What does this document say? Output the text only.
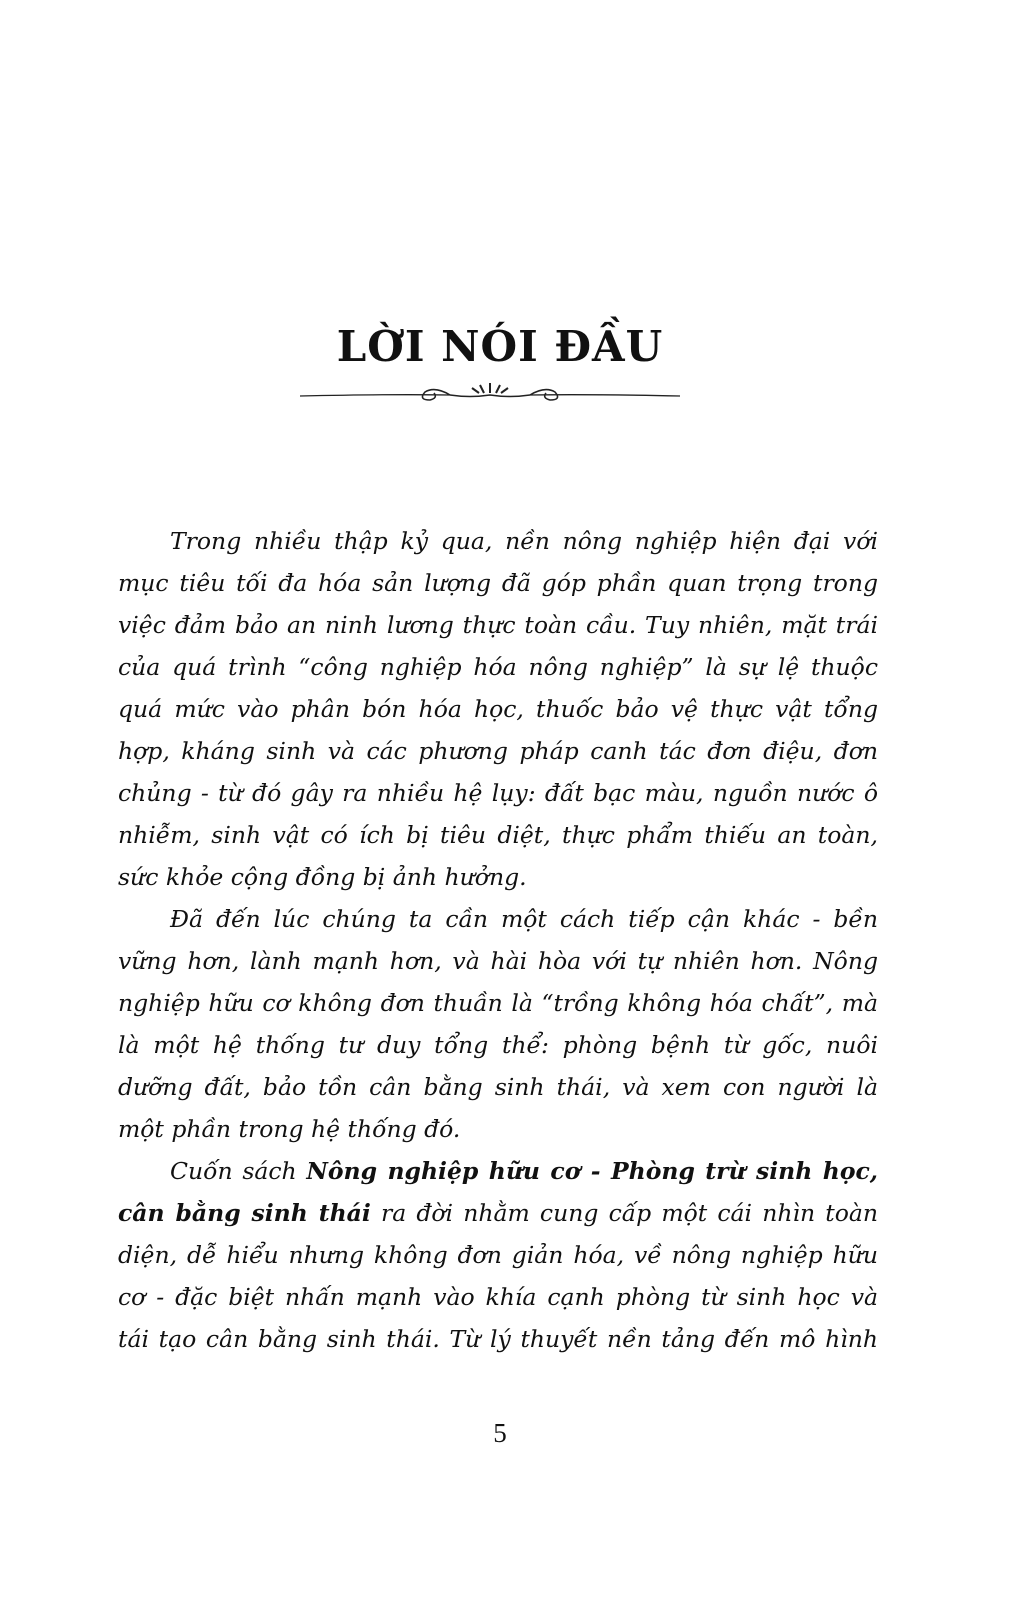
LỜI NÓI ĐẦU
Trong nhiều thập kỷ qua, nền nông nghiệp hiện đại với
mục tiêu tối đa hóa sản lượng đã góp phần quan trọng trong
việc đảm bảo an ninh lương thực toàn cầu. Tuy nhiên, mặt trái
của quá trình “công nghiệp hóa nông nghiệp” là sự lệ thuộc
quá mức vào phân bón hóa học, thuốc bảo vệ thực vật tổng
hợp, kháng sinh và các phương pháp canh tác đơn điệu, đơn
chủng - từ đó gây ra nhiều hệ lụy: đất bạc màu, nguồn nước ô
nhiễm, sinh vật có ích bị tiêu diệt, thực phẩm thiếu an toàn,
sức khỏe cộng đồng bị ảnh hưởng.
Đã đến lúc chúng ta cần một cách tiếp cận khác - bền
vững hơn, lành mạnh hơn, và hài hòa với tự nhiên hơn. Nông
nghiệp hữu cơ không đơn thuần là “trồng không hóa chất”, mà
là một hệ thống tư duy tổng thể: phòng bệnh từ gốc, nuôi
dưỡng đất, bảo tồn cân bằng sinh thái, và xem con người là
một phần trong hệ thống đó.
Cuốn sách Nông nghiệp hữu cơ - Phòng trừ sinh học,
cân bằng sinh thái ra đời nhằm cung cấp một cái nhìn toàn
diện, dễ hiểu nhưng không đơn giản hóa, về nông nghiệp hữu
cơ - đặc biệt nhấn mạnh vào khía cạnh phòng từ sinh học và
tái tạo cân bằng sinh thái. Từ lý thuyết nền tảng đến mô hình
5
